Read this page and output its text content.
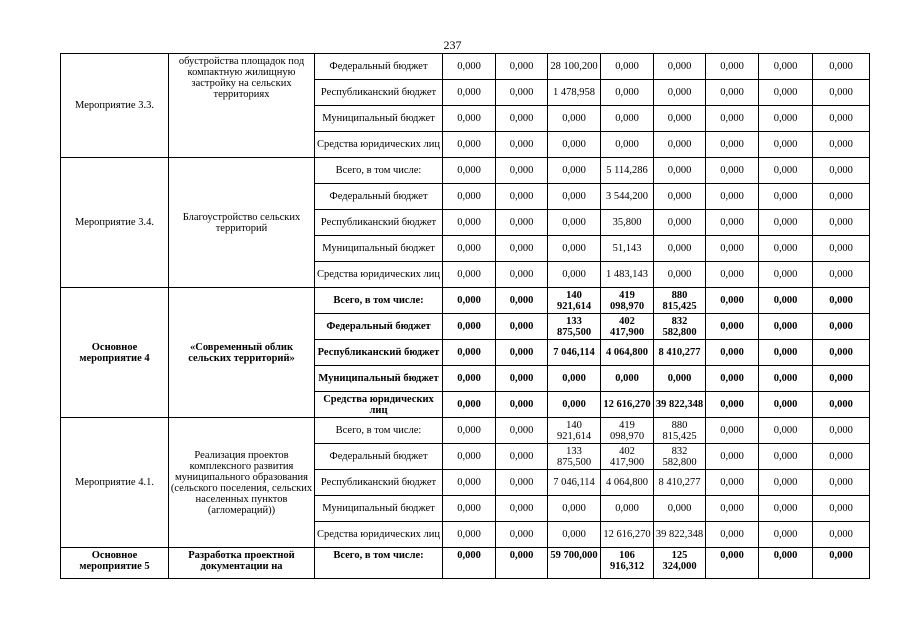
237
Мероприятие 3.3.	обустройства площадок под компактную жилищную застройку на сельских территориях	Федеральный бюджет	0,000	0,000	28 100,200	0,000	0,000	0,000	0,000	0,000
		Республиканский бюджет	0,000	0,000	1 478,958	0,000	0,000	0,000	0,000	0,000
		Муниципальный бюджет	0,000	0,000	0,000	0,000	0,000	0,000	0,000	0,000
		Средства юридических лиц	0,000	0,000	0,000	0,000	0,000	0,000	0,000	0,000
Мероприятие 3.4.	Благоустройство сельских территорий	Всего, в том числе:	0,000	0,000	0,000	5 114,286	0,000	0,000	0,000	0,000
		Федеральный бюджет	0,000	0,000	0,000	3 544,200	0,000	0,000	0,000	0,000
		Республиканский бюджет	0,000	0,000	0,000	35,800	0,000	0,000	0,000	0,000
		Муниципальный бюджет	0,000	0,000	0,000	51,143	0,000	0,000	0,000	0,000
		Средства юридических лиц	0,000	0,000	0,000	1 483,143	0,000	0,000	0,000	0,000
Основное мероприятие 4	«Современный облик сельских территорий»	Всего, в том числе:	0,000	0,000	140 921,614	419 098,970	880 815,425	0,000	0,000	0,000
		Федеральный бюджет	0,000	0,000	133 875,500	402 417,900	832 582,800	0,000	0,000	0,000
		Республиканский бюджет	0,000	0,000	7 046,114	4 064,800	8 410,277	0,000	0,000	0,000
		Муниципальный бюджет	0,000	0,000	0,000	0,000	0,000	0,000	0,000	0,000
		Средства юридических лиц	0,000	0,000	0,000	12 616,270	39 822,348	0,000	0,000	0,000
Мероприятие 4.1.	Реализация проектов комплексного развития муниципального образования (сельского поселения, сельских населенных пунктов (агломераций))	Всего, в том числе:	0,000	0,000	140 921,614	419 098,970	880 815,425	0,000	0,000	0,000
		Федеральный бюджет	0,000	0,000	133 875,500	402 417,900	832 582,800	0,000	0,000	0,000
		Республиканский бюджет	0,000	0,000	7 046,114	4 064,800	8 410,277	0,000	0,000	0,000
		Муниципальный бюджет	0,000	0,000	0,000	0,000	0,000	0,000	0,000	0,000
		Средства юридических лиц	0,000	0,000	0,000	12 616,270	39 822,348	0,000	0,000	0,000
Основное мероприятие 5	Разработка проектной документации на	Всего, в том числе:	0,000	0,000	59 700,000	106 916,312	125 324,000	0,000	0,000	0,000
